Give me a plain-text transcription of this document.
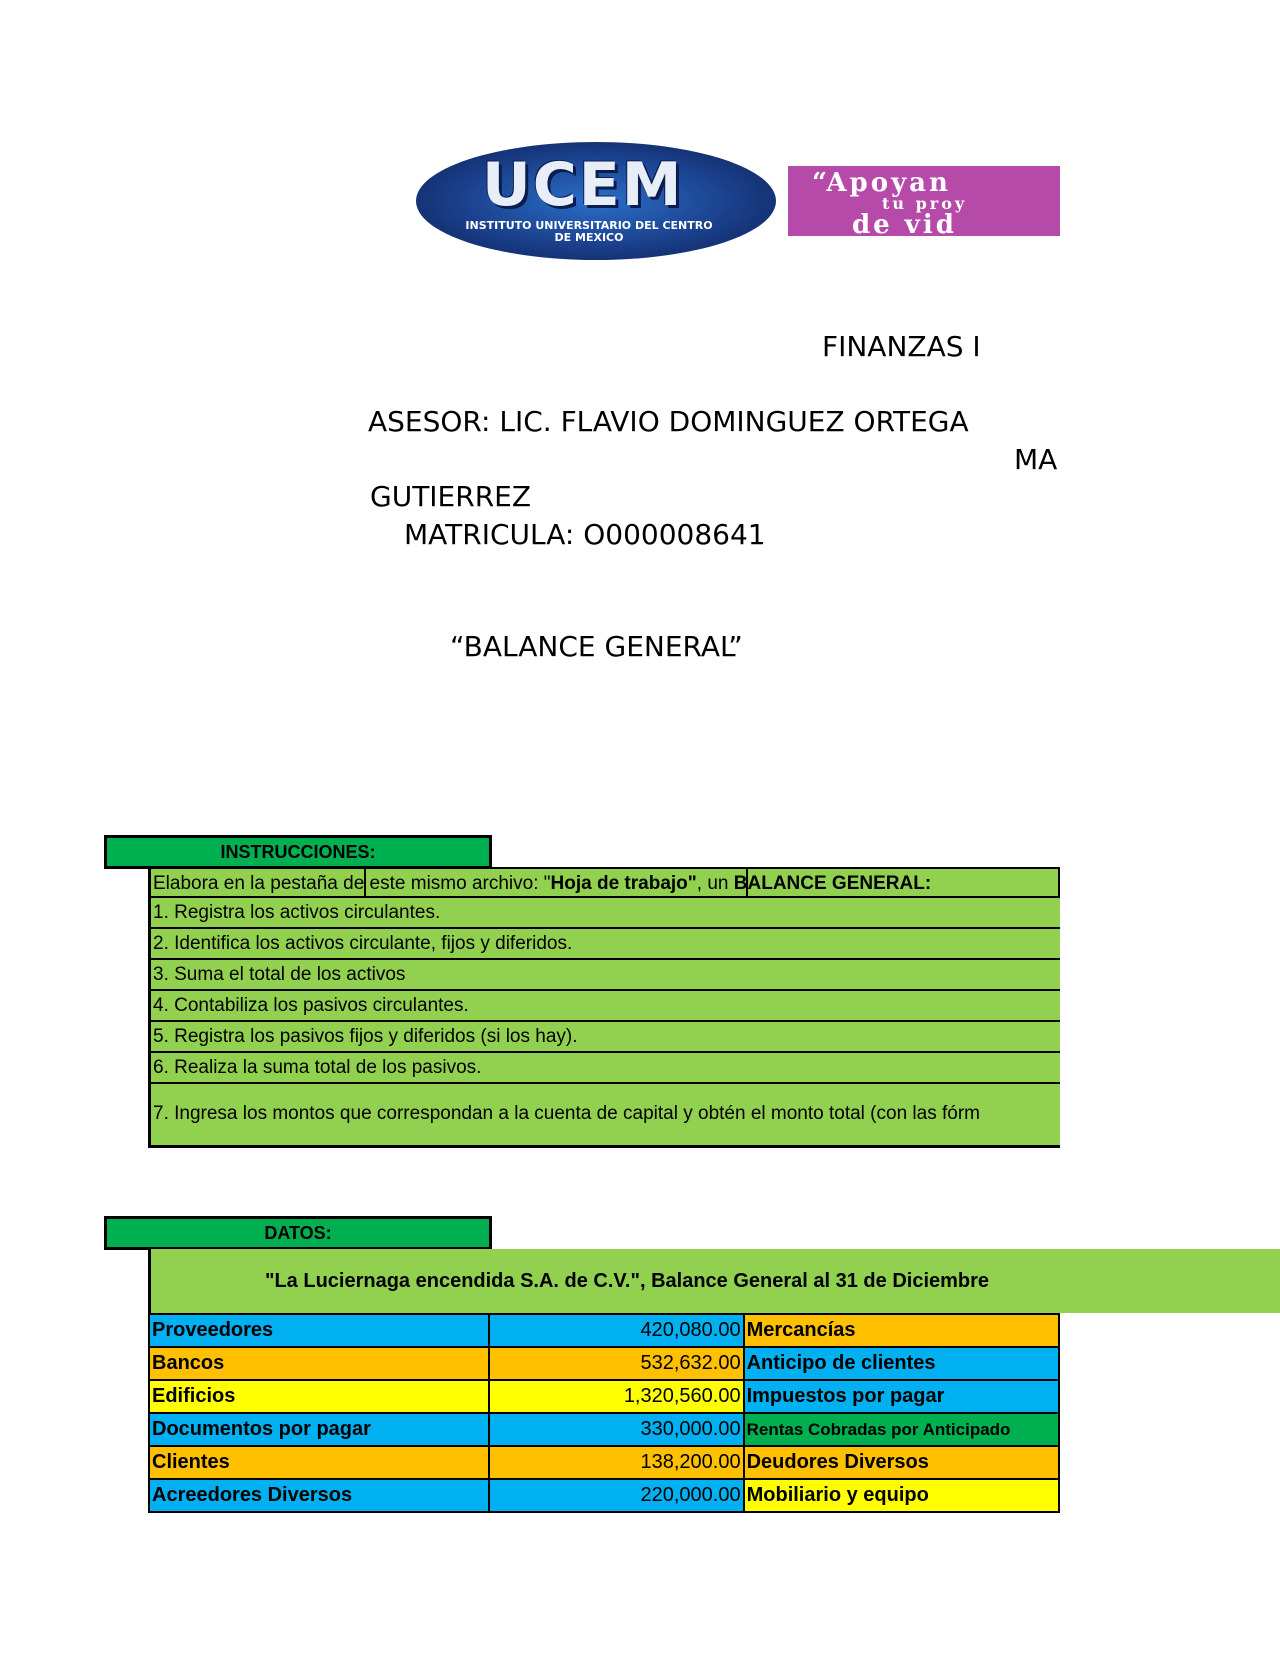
UCEM
INSTITUTO UNIVERSITARIO DEL CENTRO DE MEXICO
“Apoyan
tu proy
de vid
FINANZAS I
ASESOR: LIC. FLAVIO DOMINGUEZ ORTEGA
MA
GUTIERREZ
MATRICULA: O000008641
“BALANCE GENERAL”
INSTRUCCIONES:
Elabora en la pestaña de este mismo archivo: "Hoja de trabajo", un BALANCE GENERAL:
1. Registra los activos circulantes.
2. Identifica los activos circulante, fijos y diferidos.
3. Suma el total de los activos
4. Contabiliza los pasivos circulantes.
5. Registra los pasivos fijos y diferidos (si los hay).
6. Realiza la suma total de los pasivos.
7. Ingresa los montos que correspondan a la cuenta de capital y obtén el monto total (con las fórm
DATOS:
Proveedores	420,080.00	Mercancías
Bancos	532,632.00	Anticipo de clientes
Edificios	1,320,560.00	Impuestos por pagar
Documentos por pagar	330,000.00	Rentas Cobradas por Anticipado
Clientes	138,200.00	Deudores Diversos
Acreedores Diversos	220,000.00	Mobiliario y equipo
"La Luciernaga encendida S.A. de C.V.", Balance General al 31 de Diciembre
